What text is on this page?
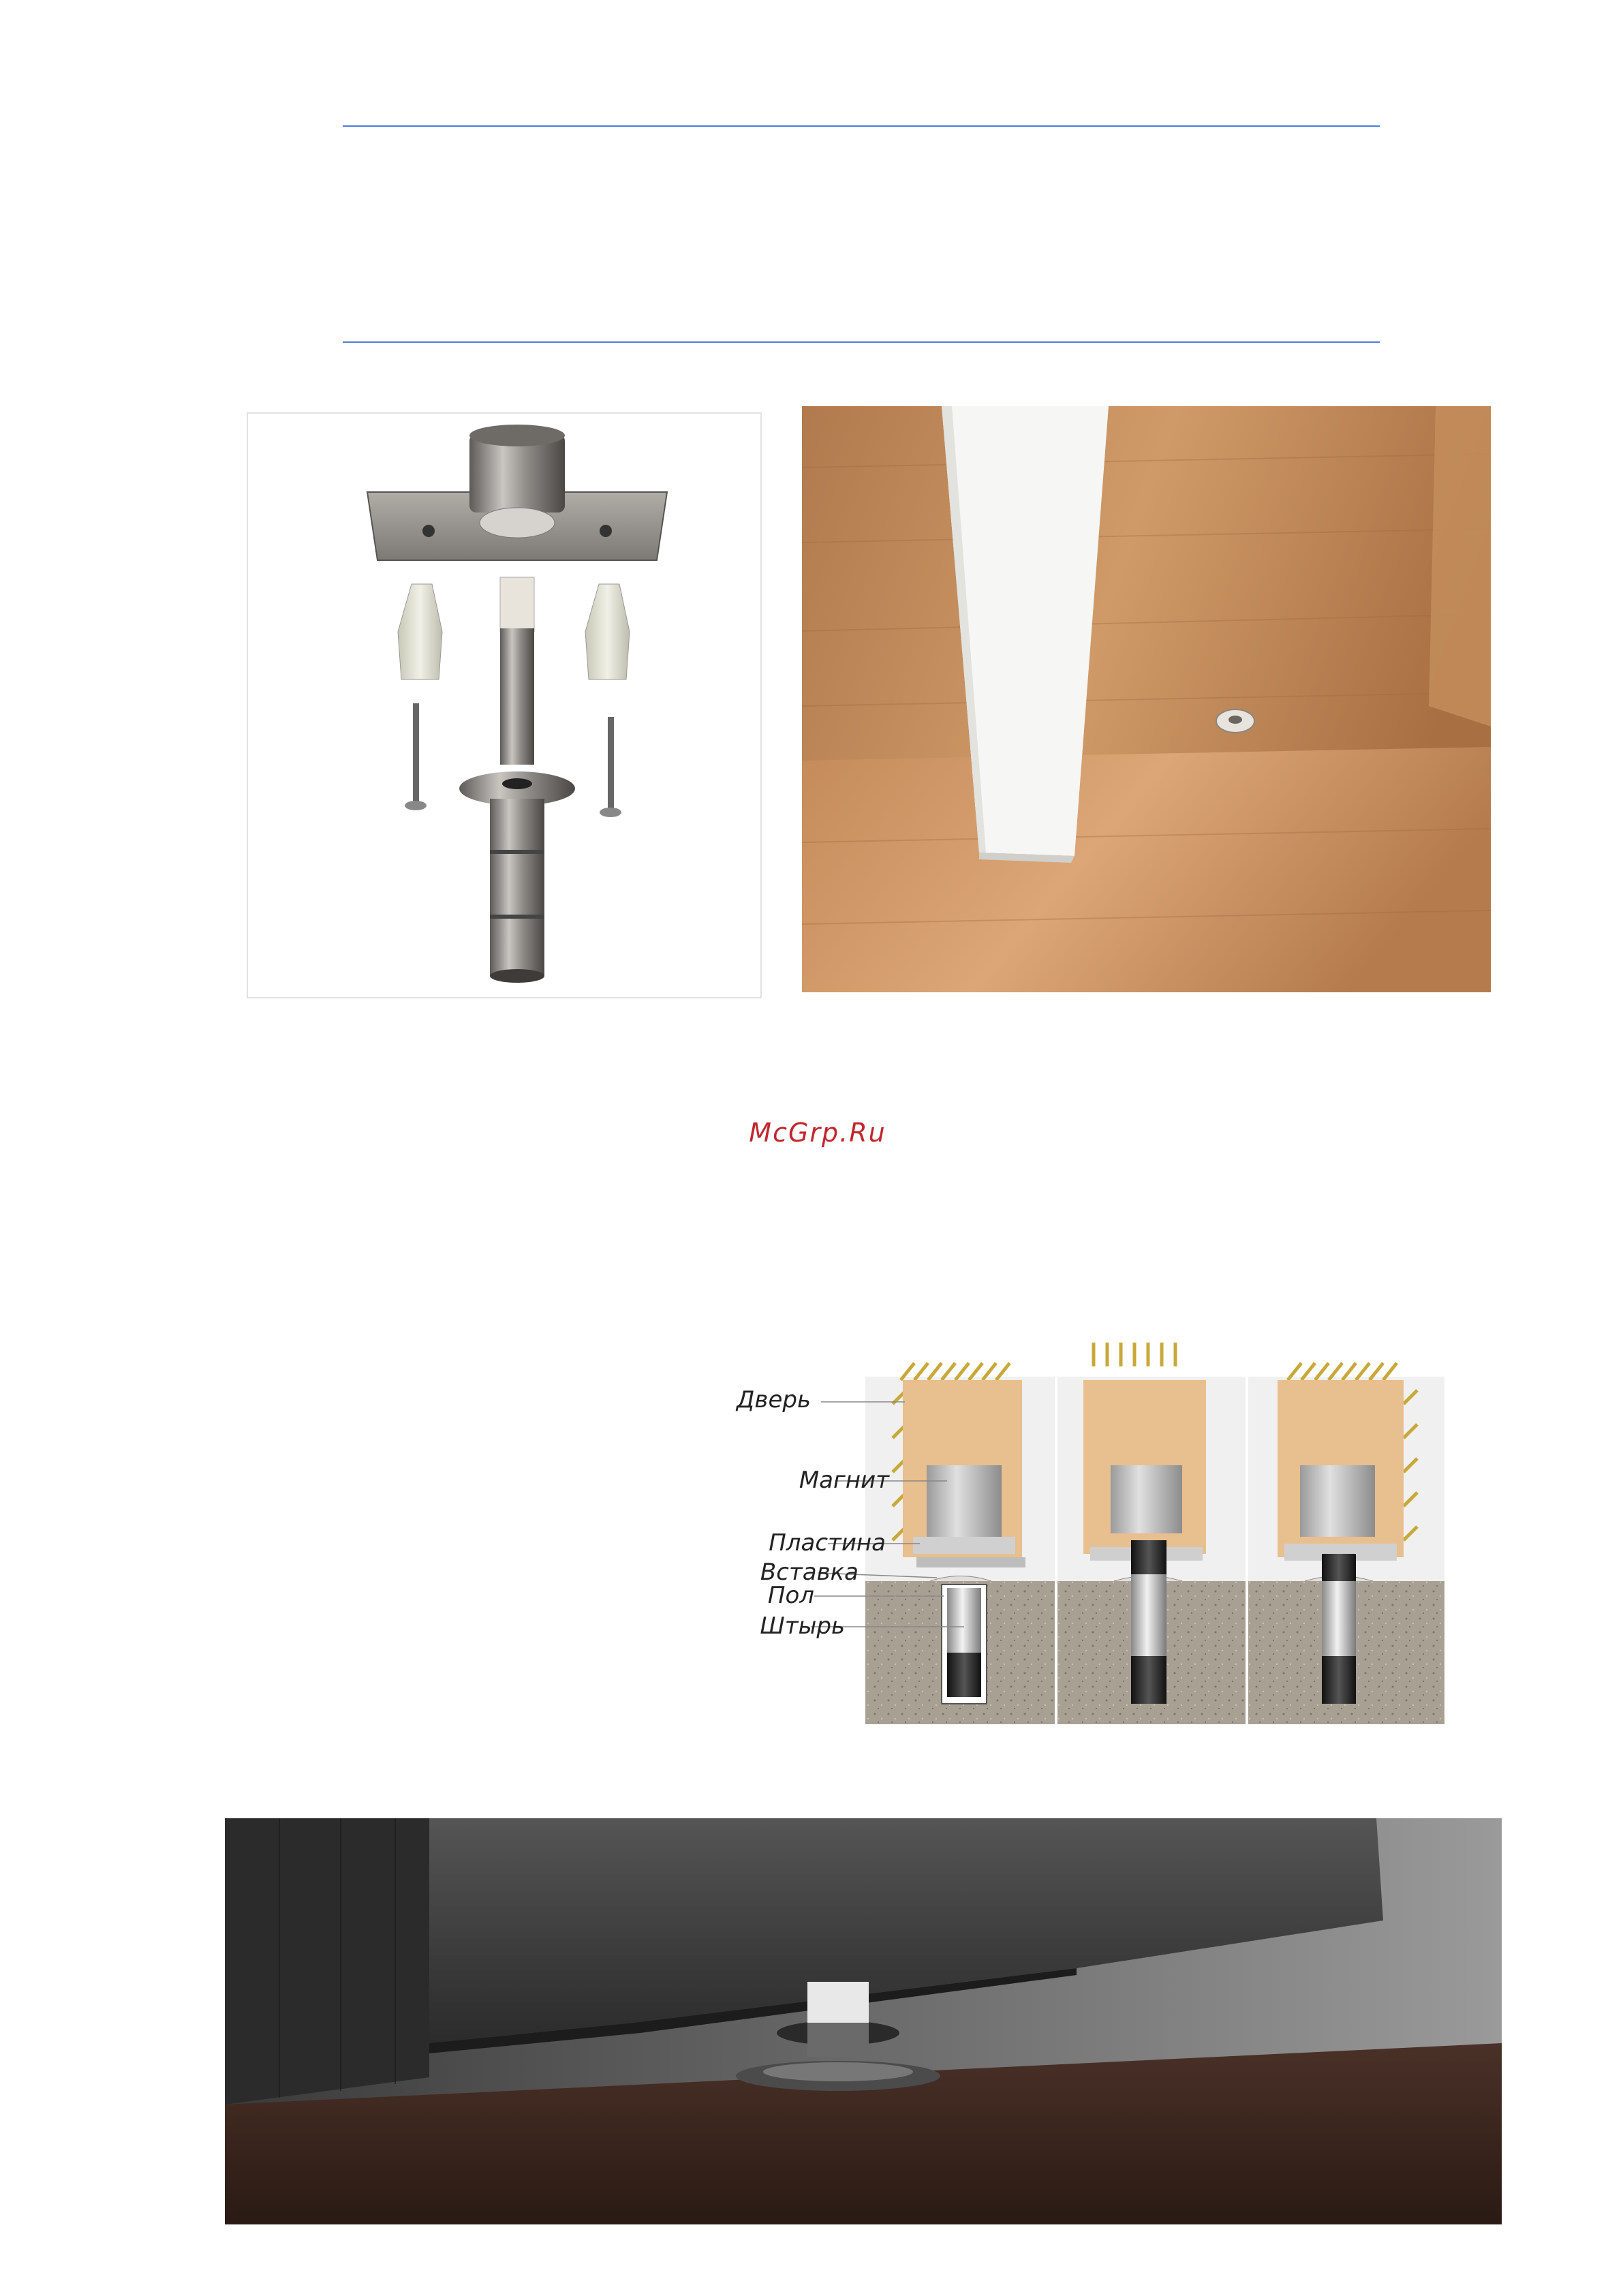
McGrp.Ru
Дверь
Магнит
Пластина
Вставка
Пол
Штырь
